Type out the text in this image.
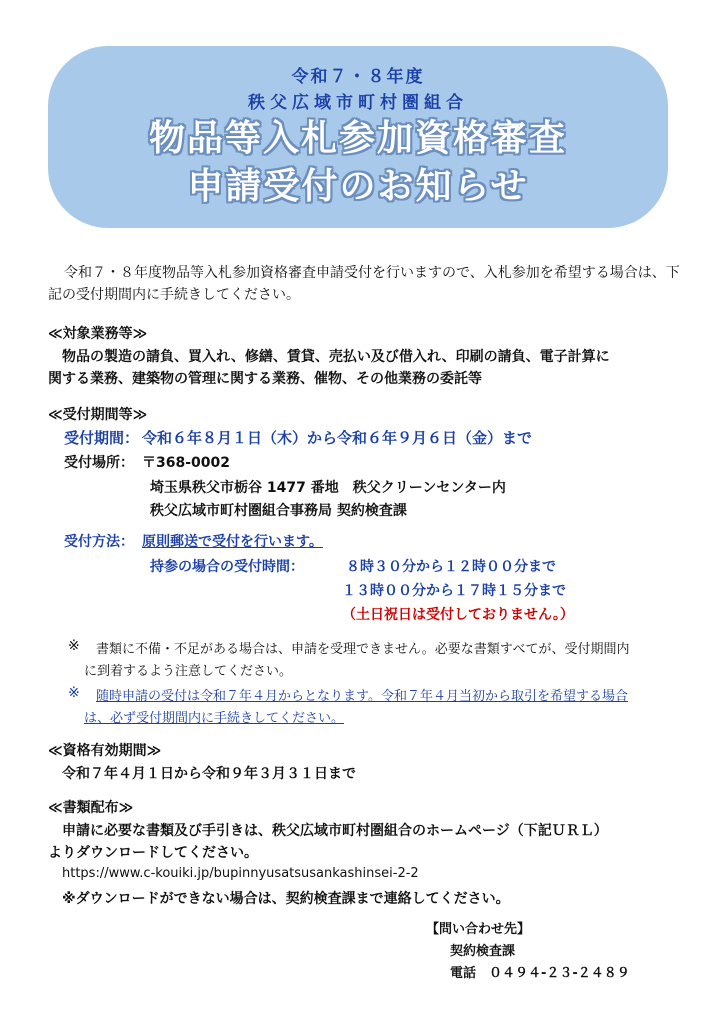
令和７・８年度
秩父広域市町村圏組合
物品等入札参加資格審査
申請受付のお知らせ
令和７・８年度物品等入札参加資格審査申請受付を行いますので、入札参加を希望する場合は、下
記の受付期間内に手続きしてください。
≪対象業務等≫
物品の製造の請負、買入れ、修繕、賃貸、売払い及び借入れ、印刷の請負、電子計算に
関する業務、建築物の管理に関する業務、催物、その他業務の委託等
≪受付期間等≫
受付期間： 令和６年８月１日（木）から令和６年９月６日（金）まで
受付場所： 〒368-0002
埼玉県秩父市栃谷 1477 番地　秩父クリーンセンター内
秩父広域市町村圏組合事務局 契約検査課
受付方法： 原則郵送で受付を行います。
持参の場合の受付時間：	８時３０分から１２時００分まで
１３時００分から１７時１５分まで
（土日祝日は受付しておりません。）
※ 書類に不備・不足がある場合は、申請を受理できません。必要な書類すべてが、受付期間内
に到着するよう注意してください。
※ 随時申請の受付は令和７年４月からとなります。令和７年４月当初から取引を希望する場合
は、必ず受付期間内に手続きしてください。
≪資格有効期間≫
令和７年４月１日から令和９年３月３１日まで
≪書類配布≫
申請に必要な書類及び手引きは、秩父広域市町村圏組合のホームページ（下記ＵＲＬ）
よりダウンロードしてください。
https://www.c-kouiki.jp/bupinnyusatsusankashinsei-2-2
※ダウンロードができない場合は、契約検査課まで連絡してください。
【問い合わせ先】
契約検査課
電話　０４９４-２３-２４８９
